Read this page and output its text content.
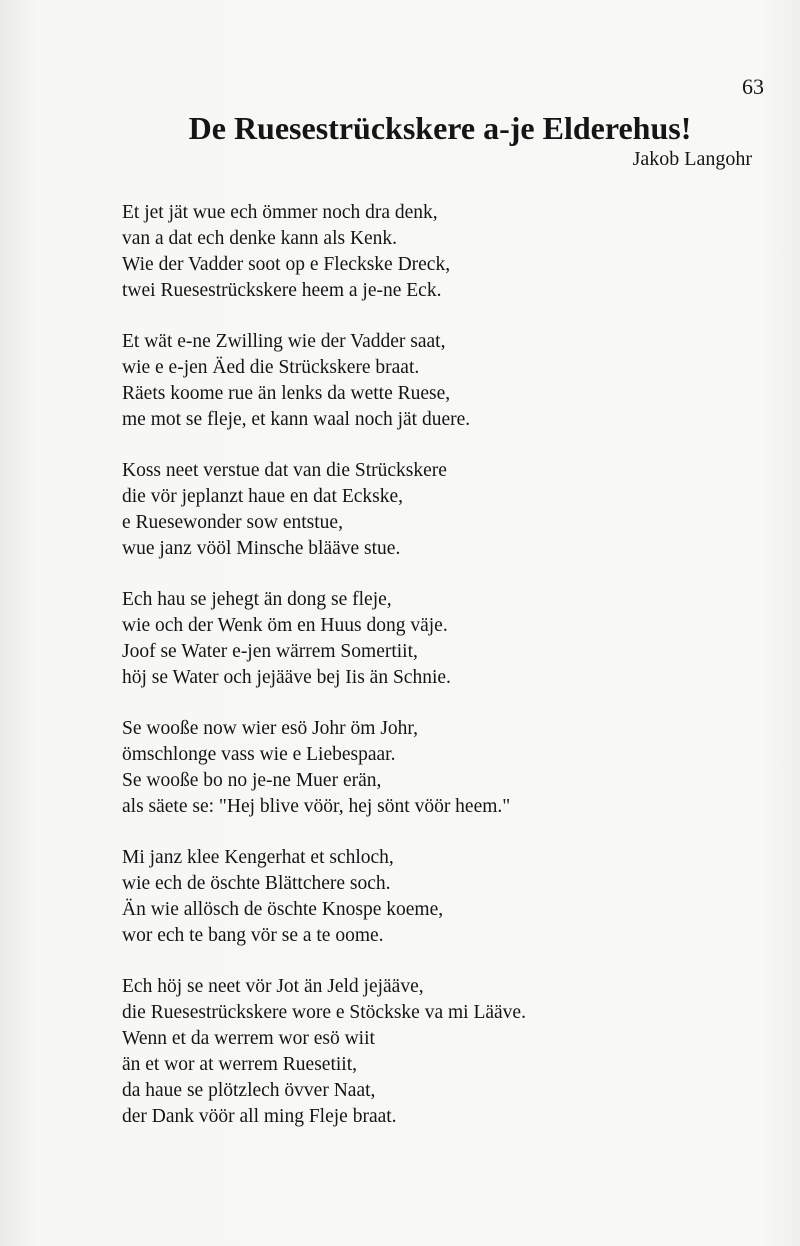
63
De Ruesestrückskere a-je Elderehus!
Jakob Langohr
Et jet jät wue ech ömmer noch dra denk,
van a dat ech denke kann als Kenk.
Wie der Vadder soot op e Fleckske Dreck,
twei Ruesestrückskere heem a je-ne Eck.
Et wät e-ne Zwilling wie der Vadder saat,
wie e e-jen Äed die Strückskere braat.
Räets koome rue än lenks da wette Ruese,
me mot se fleje, et kann waal noch jät duere.
Koss neet verstue dat van die Strückskere
die vör jeplanzt haue en dat Eckske,
e Ruesewonder sow entstue,
wue janz vööl Minsche blääve stue.
Ech hau se jehegt än dong se fleje,
wie och der Wenk öm en Huus dong väje.
Joof se Water e-jen wärrem Somertiit,
höj se Water och jejääve bej Iis än Schnie.
Se wooße now wier esö Johr öm Johr,
ömschlonge vass wie e Liebespaar.
Se wooße bo no je-ne Muer erän,
als säete se: "Hej blive vöör, hej sönt vöör heem."
Mi janz klee Kengerhat et schloch,
wie ech de öschte Blättchere soch.
Än wie allösch de öschte Knospe koeme,
wor ech te bang vör se a te oome.
Ech höj se neet vör Jot än Jeld jejääve,
die Ruesestrückskere wore e Stöckske va mi Lääve.
Wenn et da werrem wor esö wiit
än et wor at werrem Ruesetiit,
da haue se plötzlech övver Naat,
der Dank vöör all ming Fleje braat.
